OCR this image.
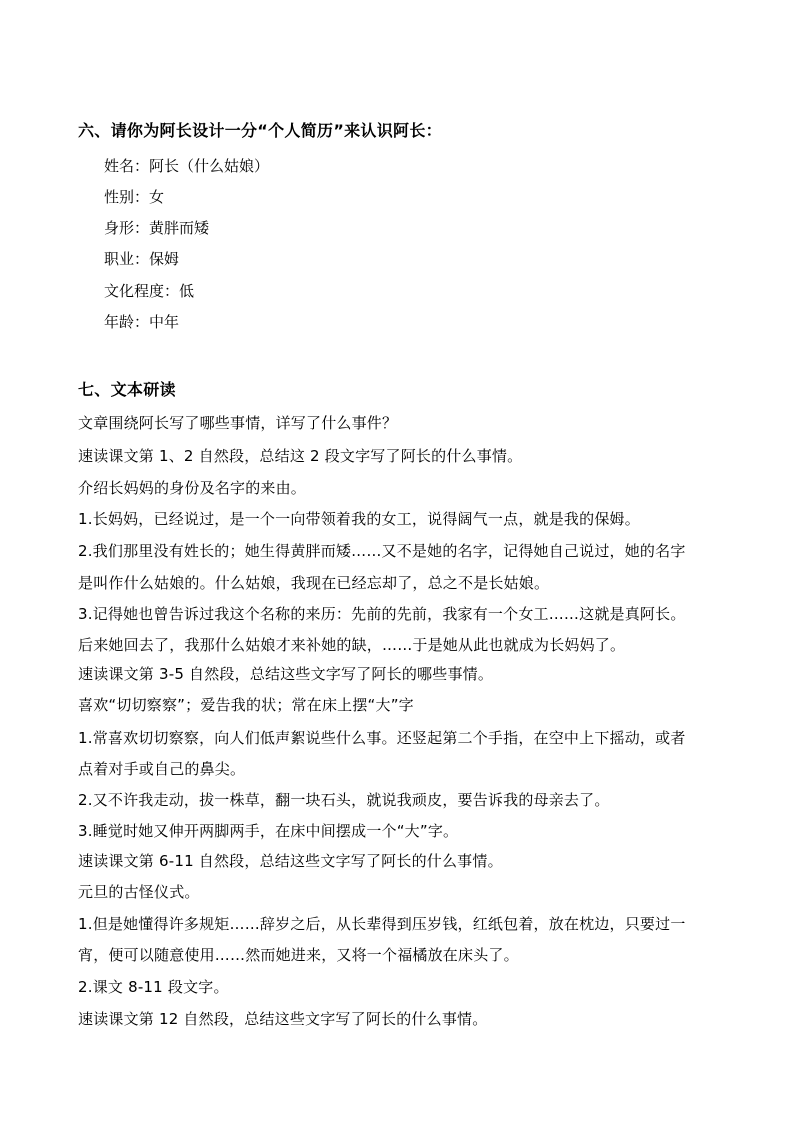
六、请你为阿长设计一分“个人简历”来认识阿长：
姓名：阿长（什么姑娘）
性别：女
身形：黄胖而矮
职业：保姆
文化程度：低
年龄：中年
七、文本研读
文章围绕阿长写了哪些事情，详写了什么事件？
速读课文第 1、2 自然段，总结这 2 段文字写了阿长的什么事情。
介绍长妈妈的身份及名字的来由。
1.长妈妈，已经说过，是一个一向带领着我的女工，说得阔气一点，就是我的保姆。
2.我们那里没有姓长的；她生得黄胖而矮……又不是她的名字，记得她自己说过，她的名字
是叫作什么姑娘的。什么姑娘，我现在已经忘却了，总之不是长姑娘。
3.记得她也曾告诉过我这个名称的来历：先前的先前，我家有一个女工……这就是真阿长。
后来她回去了，我那什么姑娘才来补她的缺，……于是她从此也就成为长妈妈了。
速读课文第 3-5 自然段，总结这些文字写了阿长的哪些事情。
喜欢“切切察察”；爱告我的状；常在床上摆“大”字
1.常喜欢切切察察，向人们低声絮说些什么事。还竖起第二个手指，在空中上下摇动，或者
点着对手或自己的鼻尖。
2.又不许我走动，拔一株草，翻一块石头，就说我顽皮，要告诉我的母亲去了。
3.睡觉时她又伸开两脚两手，在床中间摆成一个“大”字。
速读课文第 6-11 自然段，总结这些文字写了阿长的什么事情。
元旦的古怪仪式。
1.但是她懂得许多规矩……辞岁之后，从长辈得到压岁钱，红纸包着，放在枕边，只要过一
宵，便可以随意使用……然而她进来，又将一个福橘放在床头了。
2.课文 8-11 段文字。
速读课文第 12 自然段，总结这些文字写了阿长的什么事情。
